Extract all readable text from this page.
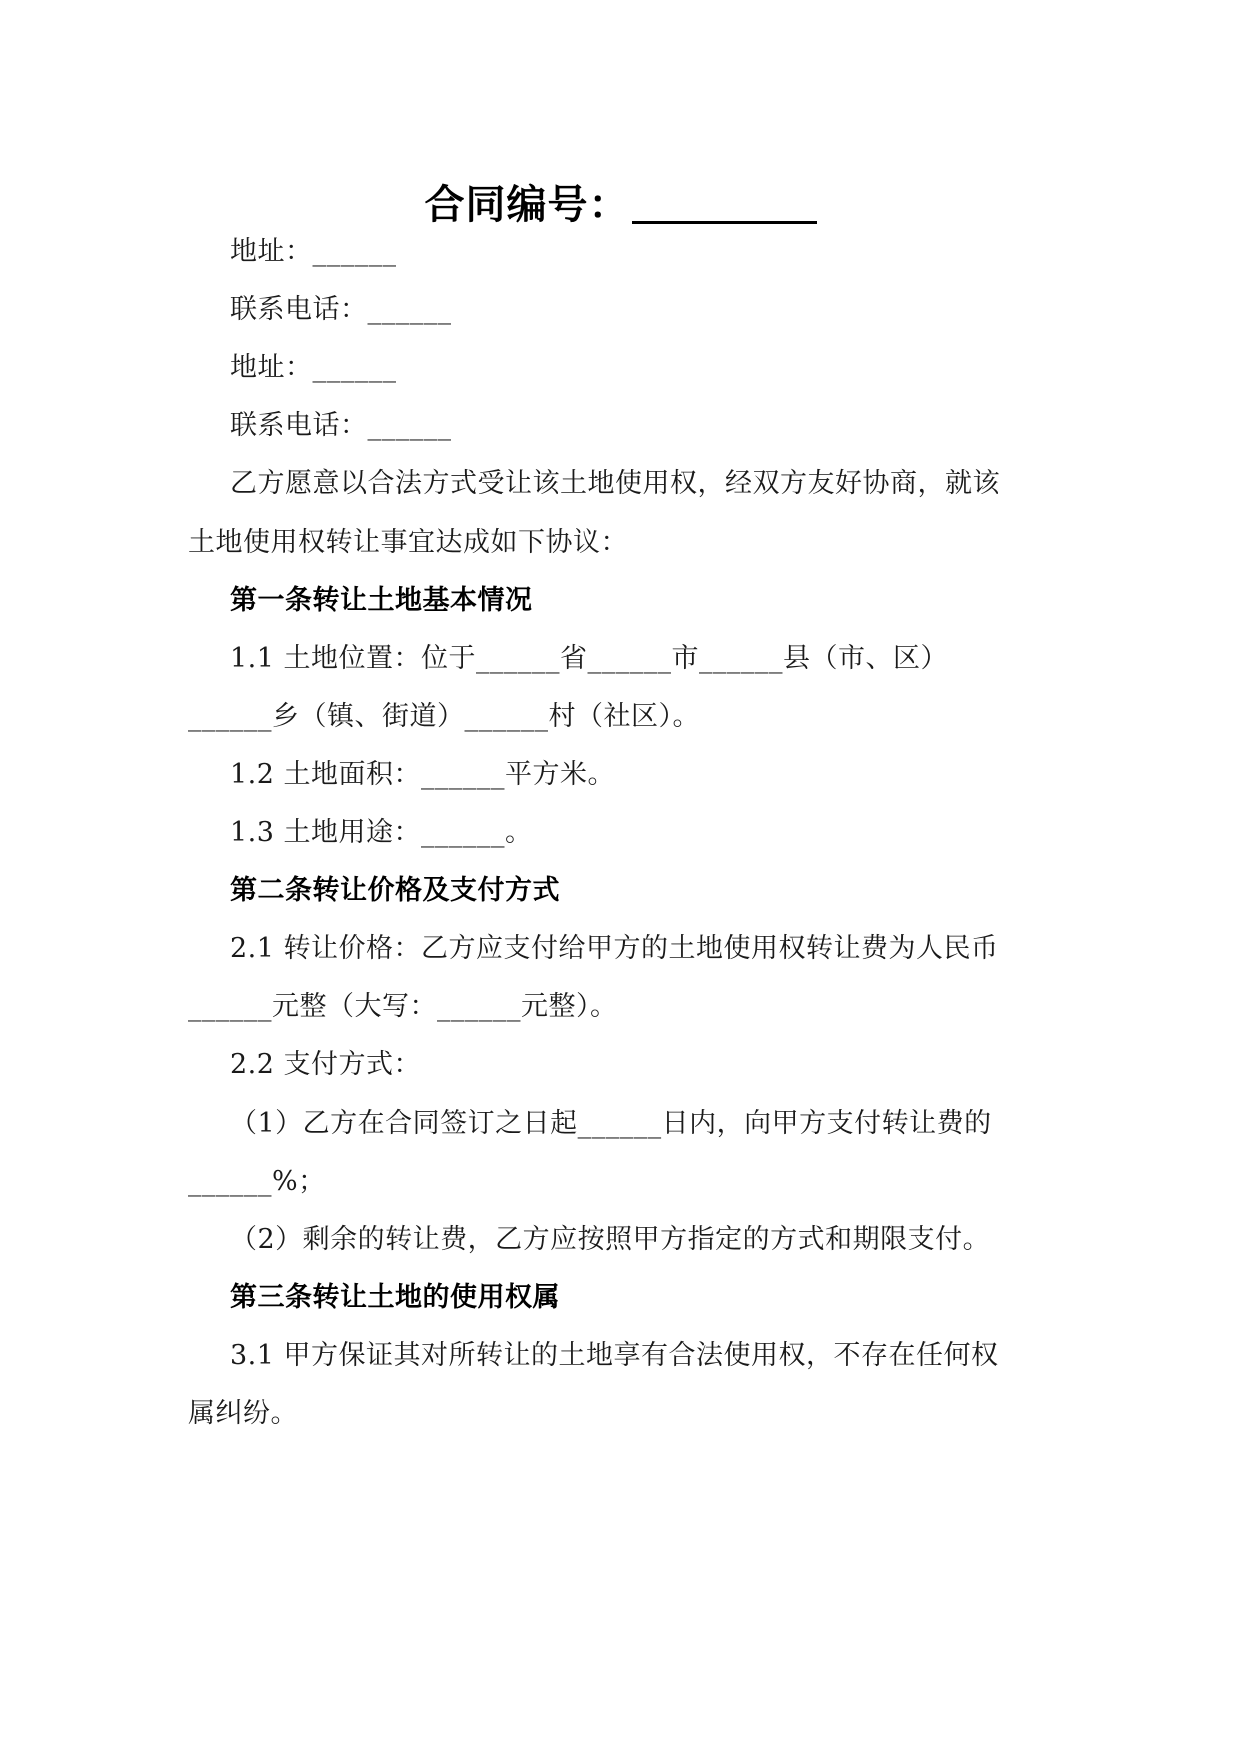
合同编号：
地址：______
联系电话：______
地址：______
联系电话：______
乙方愿意以合法方式受让该土地使用权，经双方友好协商，就该
土地使用权转让事宜达成如下协议：
第一条转让土地基本情况
1.1 土地位置：位于______省______市______县（市、区）
______乡（镇、街道）______村（社区）。
1.2 土地面积：______平方米。
1.3 土地用途：______。
第二条转让价格及支付方式
2.1 转让价格：乙方应支付给甲方的土地使用权转让费为人民币
______元整（大写：______元整）。
2.2 支付方式：
（1）乙方在合同签订之日起______日内，向甲方支付转让费的
______%；
（2）剩余的转让费，乙方应按照甲方指定的方式和期限支付。
第三条转让土地的使用权属
3.1 甲方保证其对所转让的土地享有合法使用权，不存在任何权
属纠纷。
